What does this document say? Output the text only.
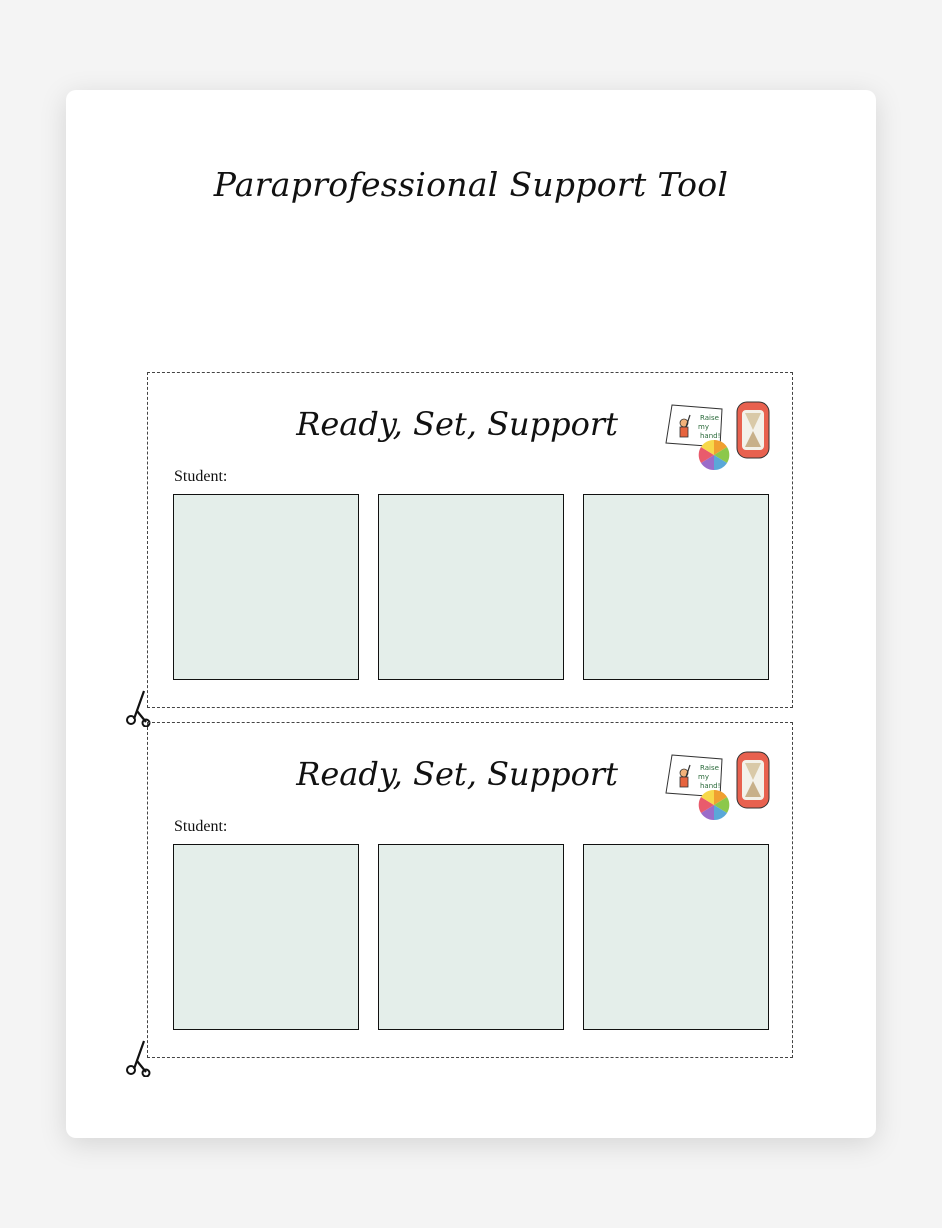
Paraprofessional Support Tool
Ready, Set, Support	Raise
my
hand!
Student:
Ready, Set, Support	Raise
my
hand!
Student:
